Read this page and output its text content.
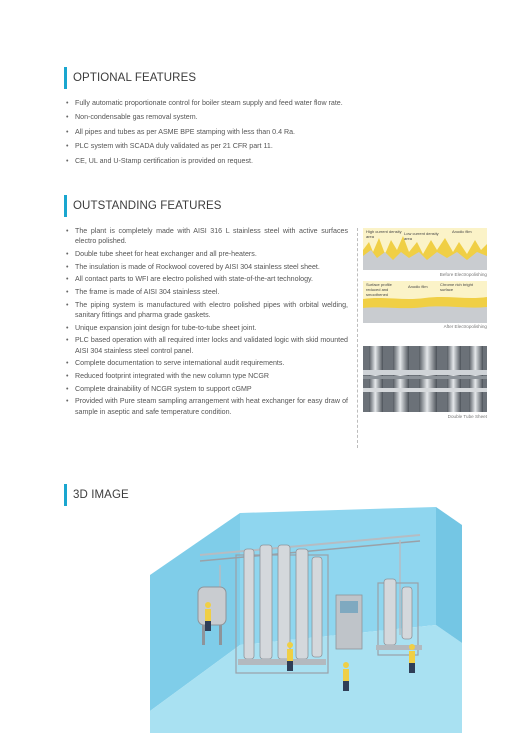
OPTIONAL FEATURES
• Fully automatic proportionate control for boiler steam supply and feed water flow rate.
• Non-condensable gas removal system.
• All pipes and tubes as per ASME BPE stamping with less than 0.4 Ra.
• PLC system with SCADA duly validated as per 21 CFR part 11.
• CE, UL and U-Stamp certification is provided on request.
OUTSTANDING FEATURES
• The plant is completely made with AISI 316 L stainless steel with active surfaces electro polished.
• Double tube sheet for heat exchanger and all pre-heaters.
• The insulation is made of Rockwool covered by AISI 304 stainless steel sheet.
• All contact parts to WFI are electro polished with state-of-the-art technology.
• The frame is made of AISI 304 stainless steel.
• The piping system is manufactured with electro polished pipes with orbital welding, sanitary fittings and pharma grade gaskets.
• Unique expansion joint design for tube-to-tube sheet joint.
• PLC based operation with all required inter locks and validated logic with skid mounted AISI 304 stainless steel control panel.
• Complete documentation to serve international audit requirements.
• Reduced footprint integrated with the new column type NCGR
• Complete drainability of NCGR system to support cGMP
• Provided with Pure steam sampling arrangement with heat exchanger for easy draw of sample in aseptic and safe temperature condition.
High current density area
Low current density area
Anodic film
Before Electropolishing
Surface profile reduced and smoothened
Anodic film	Chrome rich bright surface
After Electropolishing
Double Tube Sheet
3D IMAGE
